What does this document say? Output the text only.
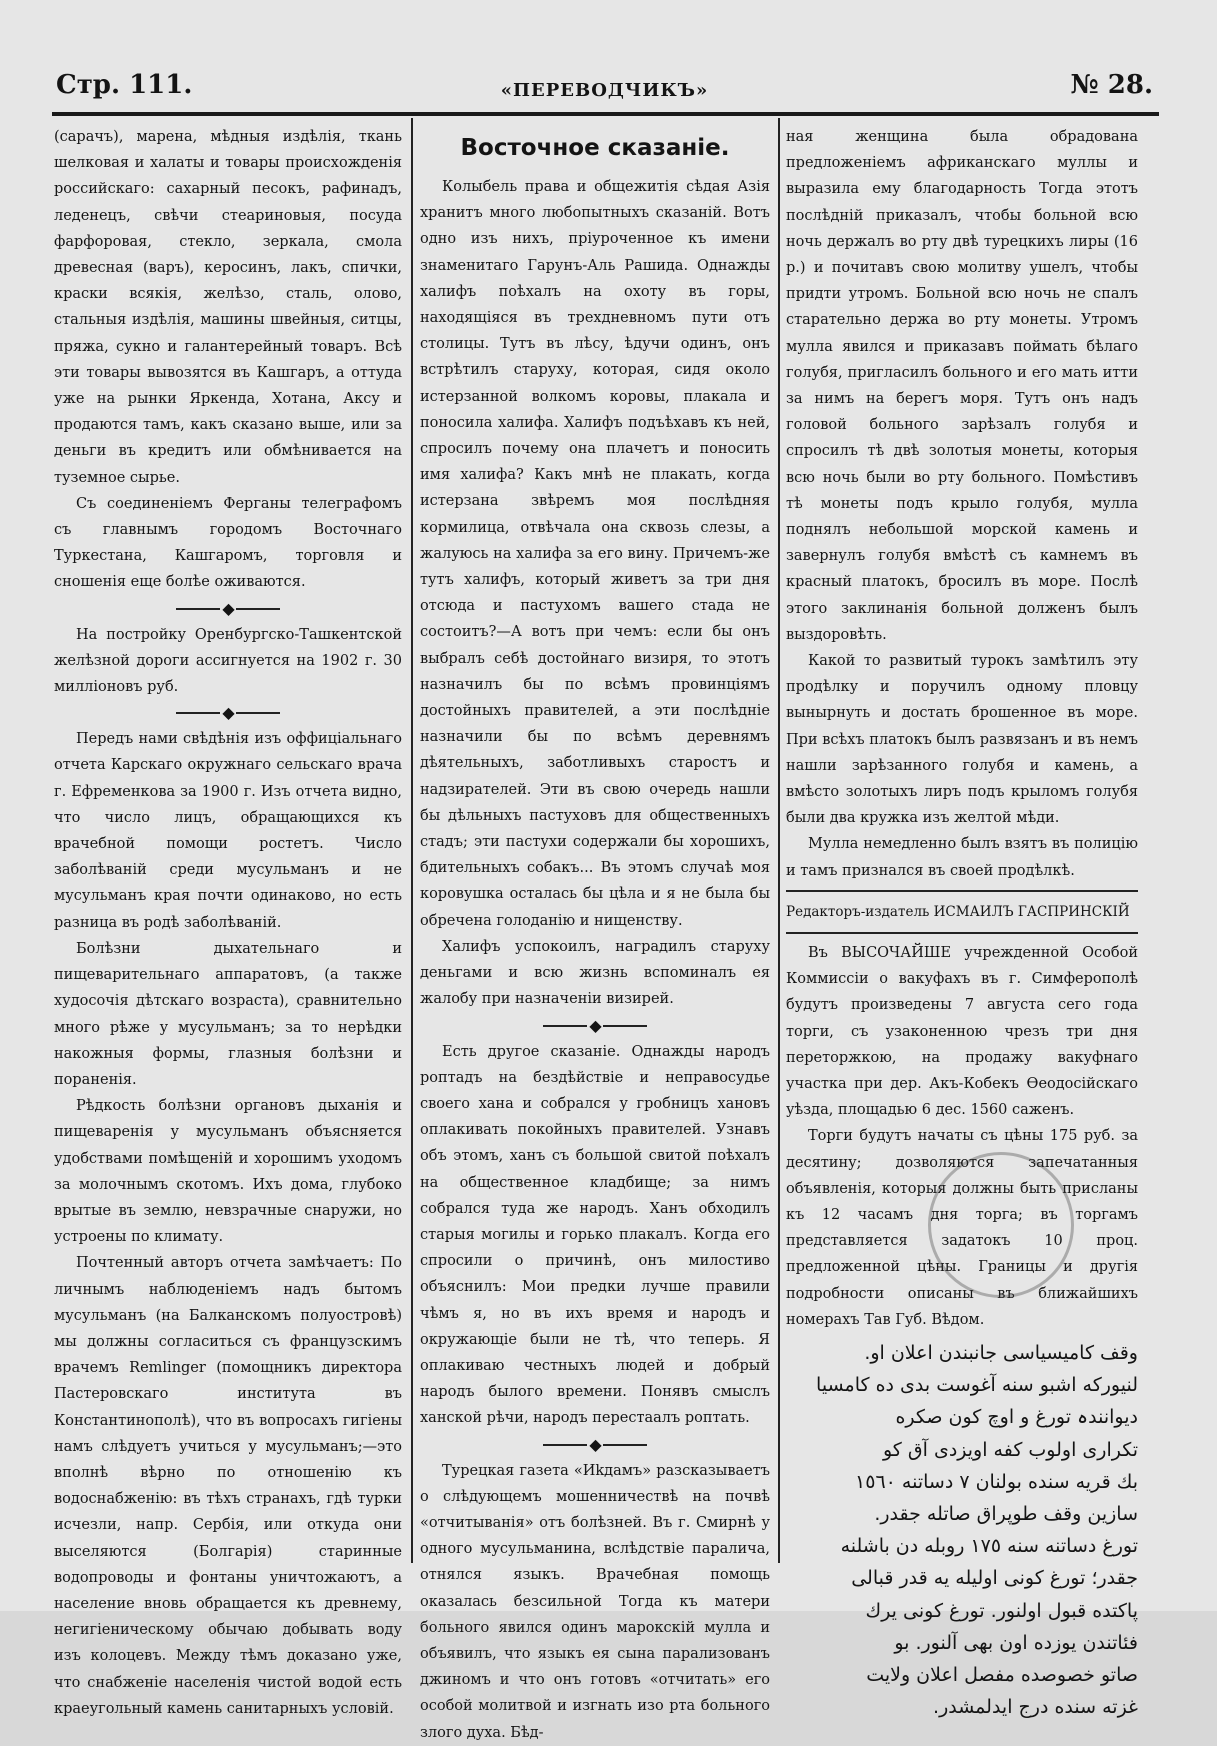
Стр. 111.	«ПЕРЕВОДЧИКЪ»	№ 28.

(сарачъ), марена, мѣдныя издѣлія, ткань шелковая и халаты и товары происхожденія российскаго: сахарный песокъ, рафинадъ, леденецъ, свѣчи стеариновыя, посуда фарфоровая, стекло, зеркала, смола древесная (варъ), керосинъ, лакъ, спички, краски всякія, желѣзо, сталь, олово, стальныя издѣлія, машины швейныя, ситцы, пряжа, сукно и галантерейный товаръ. Всѣ эти товары вывозятся въ Кашгаръ, а оттуда уже на рынки Яркенда, Хотана, Аксу и продаются тамъ, какъ сказано выше, или за деньги въ кредитъ или обмѣнивается на туземное сырье.

Съ соединеніемъ Ферганы телеграфомъ съ главнымъ городомъ Восточнаго Туркестана, Кашгаромъ, торговля и сношенія еще болѣе оживаются.

◆

На постройку Оренбургско-Ташкентской желѣзной дороги ассигнуется на 1902 г. 30 милліоновъ руб.

◆

Передъ нами свѣдѣнія изъ оффиціальнаго отчета Карскаго окружнаго сельскаго врача г. Ефременкова за 1900 г. Изъ отчета видно, что число лицъ, обращающихся къ врачебной помощи ростетъ. Число заболѣваній среди мусульманъ и не мусульманъ края почти одинаково, но есть разница въ родѣ заболѣваній.

Болѣзни дыхательнаго и пищеварительнаго аппаратовъ, (а также худосочія дѣтскаго возраста), сравнительно много рѣже у мусульманъ; за то нерѣдки накожныя формы, глазныя болѣзни и пораненія.

Рѣдкость болѣзни органовъ дыханія и пищеваренія у мусульманъ объясняется удобствами помѣщеній и хорошимъ уходомъ за молочнымъ скотомъ. Ихъ дома, глубоко врытые въ землю, невзрачные снаружи, но устроены по климату.

Почтенный авторъ отчета замѣчаетъ: По личнымъ наблюденіемъ надъ бытомъ мусульманъ (на Балканскомъ полуостровѣ) мы должны согласиться съ французскимъ врачемъ Remlinger (помощникъ директора Пастеровскаго института въ Константинополѣ), что въ вопросахъ гигіены намъ слѣдуетъ учиться у мусульманъ;—это вполнѣ вѣрно по отношенію къ водоснабженію: въ тѣхъ странахъ, гдѣ турки исчезли, напр. Сербія, или откуда они выселяются (Болгарія) старинные водопроводы и фонтаны уничтожаютъ, а население вновь обращается къ древнему, негигіеническому обычаю добывать воду изъ колоцевъ. Между тѣмъ доказано уже, что снабженіе населенія чистой водой есть краеугольный камень санитарныхъ условій.

Восточное сказаніе.

Колыбель права и общежитія сѣдая Азія хранитъ много любопытныхъ сказаній. Вотъ одно изъ нихъ, пріуроченное къ имени знаменитаго Гарунъ-Аль Рашида. Однажды халифъ поѣхалъ на охоту въ горы, находящіяся въ трехдневномъ пути отъ столицы. Тутъ въ лѣсу, ѣдучи одинъ, онъ встрѣтилъ старуху, которая, сидя около истерзанной волкомъ коровы, плакала и поносила халифа. Халифъ подъѣхавъ къ ней, спросилъ почему она плачетъ и поносить имя халифа? Какъ мнѣ не плакать, когда истерзана звѣремъ моя послѣдняя кормилица, отвѣчала она сквозь слезы, а жалуюсь на халифа за его вину. Причемъ-же тутъ халифъ, который живетъ за три дня отсюда и пастухомъ вашего стада не состоитъ?—А вотъ при чемъ: если бы онъ выбралъ себѣ достойнаго визиря, то этотъ назначилъ бы по всѣмъ провинціямъ достойныхъ правителей, а эти послѣдніе назначили бы по всѣмъ деревнямъ дѣятельныхъ, заботливыхъ старостъ и надзирателей. Эти въ свою очередь нашли бы дѣльныхъ пастуховъ для общественныхъ стадъ; эти пастухи содержали бы хорошихъ, бдительныхъ собакъ... Въ этомъ случаѣ моя коровушка осталась бы цѣла и я не была бы обречена голоданію и нищенству.

Халифъ успокоилъ, наградилъ старуху деньгами и всю жизнь вспоминалъ ея жалобу при назначеніи визирей.

◆

Есть другое сказаніе. Однажды народъ роптадъ на бездѣйствіе и неправосудье своего хана и собрался у гробницъ хановъ оплакивать покойныхъ правителей. Узнавъ объ этомъ, ханъ съ большой свитой поѣхалъ на общественное кладбище; за нимъ собрался туда же народъ. Ханъ обходилъ старыя могилы и горько плакалъ. Когда его спросили о причинѣ, онъ милостиво объяснилъ: Мои предки лучше правили чѣмъ я, но въ ихъ время и народъ и окружающіе были не тѣ, что теперь. Я оплакиваю честныхъ людей и добрый народъ былого времени. Понявъ смыслъ ханской рѣчи, народъ перестаалъ роптать.

◆

Турецкая газета «Иkдамъ» разсказываетъ о слѣдующемъ мошенничествѣ на почвѣ «отчитыванія» отъ болѣзней. Въ г. Смирнѣ у одного мусульманина, вслѣдствіе паралича, отнялся языкъ. Врачебная помощь оказалась безсильной Тогда къ матери больного явился одинъ марокскій мулла и объявилъ, что языкъ ея сына парализованъ джиномъ и что онъ готовъ «отчитать» его особой молитвой и изгнать изо рта больного злого духа. Бѣд-

ная женщина была обрадована предложеніемъ африканскаго муллы и выразила ему благодарность Тогда этотъ послѣдній приказалъ, чтобы больной всю ночь держалъ во рту двѣ турецкихъ лиры (16 р.) и почитавъ свою молитву ушелъ, чтобы придти утромъ. Больной всю ночь не спалъ старательно держа во рту монеты. Утромъ мулла явился и приказавъ поймать бѣлаго голубя, пригласилъ больного и его мать итти за нимъ на берегъ моря. Тутъ онъ надъ головой больного зарѣзалъ голубя и спросилъ тѣ двѣ золотыя монеты, которыя всю ночь были во рту больного. Помѣстивъ тѣ монеты подъ крыло голубя, мулла поднялъ небольшой морской камень и завернулъ голубя вмѣстѣ съ камнемъ въ красный платокъ, бросилъ въ море. Послѣ этого заклинанія больной долженъ былъ выздоровѣть.

Какой то развитый турокъ замѣтилъ эту продѣлку и поручилъ одному пловцу вынырнуть и достать брошенное въ море. При всѣхъ платокъ былъ развязанъ и въ немъ нашли зарѣзанного голубя и камень, а вмѣсто золотыхъ лиръ подъ крыломъ голубя были два кружка изъ желтой мѣди.

Мулла немедленно былъ взятъ въ полицію и тамъ признался въ своей продѣлкѣ.

Редакторъ-издатель ИСМАИЛЪ ГАСПРИНСКІЙ

Въ ВЫСОЧАЙШЕ учрежденной Особой Коммиссіи о вакуфахъ въ г. Симферополѣ будутъ произведены 7 августа сего года торги, съ узаконенною чрезъ три дня переторжкою, на продажу вакуфнаго участка при дер. Акъ-Кобекъ Ѳеодосійскаго уѣзда, площадью 6 дес. 1560 саженъ.

Торги будутъ начаты съ цѣны 175 руб. за десятину; дозволяются запечатанныя объявленія, которыя должны быть присланы къ 12 часамъ дня торга; въ торгамъ представляется задатокъ 10 проц. предложенной цѣны. Границы и другія подробности описаны въ ближайшихъ номерахъ Тав Губ. Вѣдом.

وقف كاميسياسی جانبندن اعلان او.
لنیورکه اشبو سنه آغوست بدی ده کامسیا
دیوانندہ تورغ و اوچ کون صکره
تکراری اولوب کفه اویزدی آق کو
بك قریه سنده بولنان ٧ دساتنه ١٥٦٠
سازین وقف طوپراق صاتله جقدر.
تورغ دساتنه سنه ١٧٥ روبله دن باشلنه
جقدر؛ تورغ کونی اولیله یه قدر قبالی
پاکتده قبول اولنور. تورغ کونی یرك
فئاتندن یوزده اون بهی آلنور. بو
صاتو خصوصده مفصل اعلان ولایت
غزته سنده درج ایدلمشدر.
